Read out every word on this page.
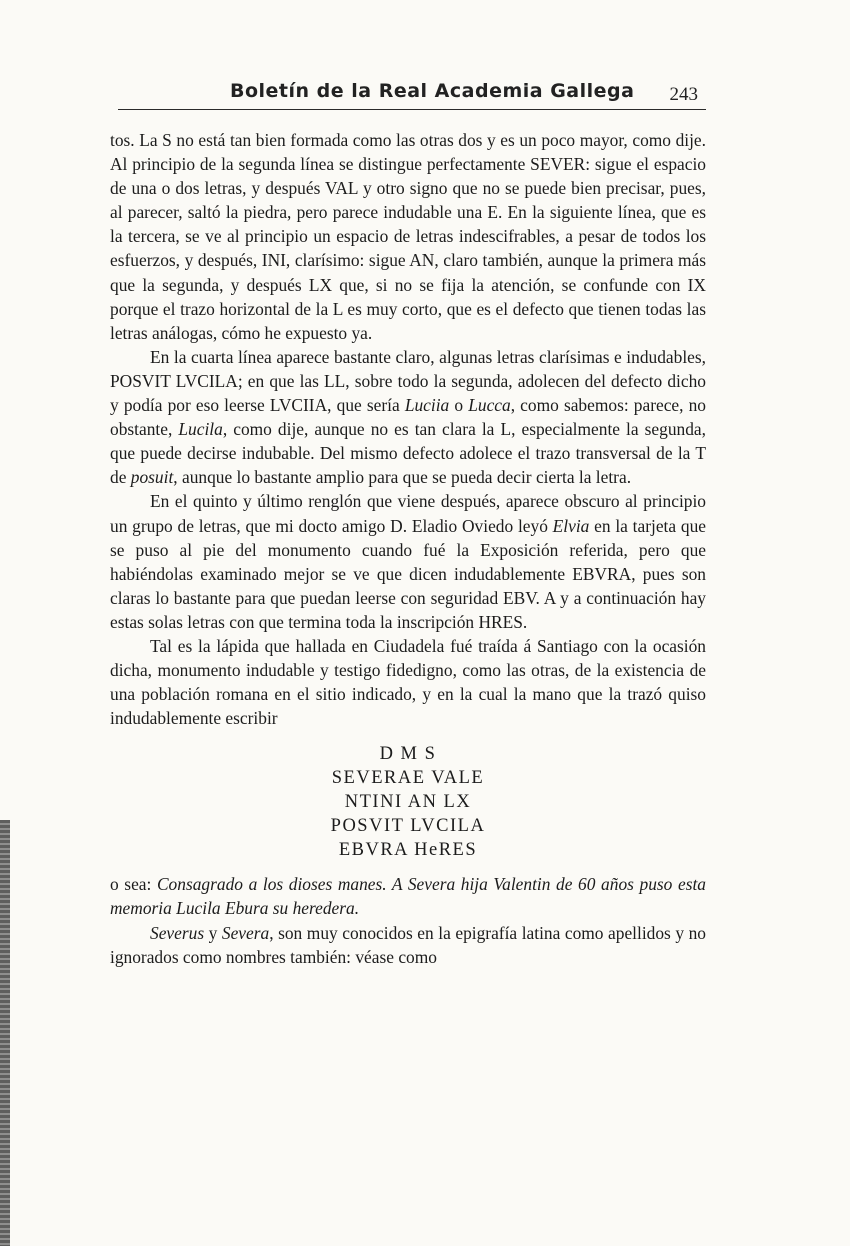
Boletín de la Real Academia Gallega 243

tos. La S no está tan bien formada como las otras dos y es un poco mayor, como dije. Al principio de la segunda línea se distingue perfectamente SEVER: sigue el espacio de una o dos letras, y después VAL y otro signo que no se puede bien precisar, pues, al parecer, saltó la piedra, pero parece indudable una E. En la siguiente línea, que es la tercera, se ve al principio un espacio de letras indescifrables, a pesar de todos los esfuerzos, y después, INI, clarísimo: sigue AN, claro también, aunque la primera más que la segunda, y después LX que, si no se fija la atención, se confunde con IX porque el trazo horizontal de la L es muy corto, que es el defecto que tienen todas las letras análogas, cómo he expuesto ya.

En la cuarta línea aparece bastante claro, algunas letras clarísimas e indudables, POSVIT LVCILA; en que las LL, sobre todo la segunda, adolecen del defecto dicho y podía por eso leerse LVCIIA, que sería Luciia o Lucca, como sabemos: parece, no obstante, Lucila, como dije, aunque no es tan clara la L, especialmente la segunda, que puede decirse indubable. Del mismo defecto adolece el trazo transversal de la T de posuit, aunque lo bastante amplio para que se pueda decir cierta la letra.

En el quinto y último renglón que viene después, aparece obscuro al principio un grupo de letras, que mi docto amigo D. Eladio Oviedo leyó Elvia en la tarjeta que se puso al pie del monumento cuando fué la Exposición referida, pero que habiéndolas examinado mejor se ve que dicen indudablemente EBVRA, pues son claras lo bastante para que puedan leerse con seguridad EBV. A y a continuación hay estas solas letras con que termina toda la inscripción HRES.

Tal es la lápida que hallada en Ciudadela fué traída á Santiago con la ocasión dicha, monumento indudable y testigo fidedigno, como las otras, de la existencia de una población romana en el sitio indicado, y en la cual la mano que la trazó quiso indudablemente escribir

D M S
SEVERAE VALE
NTINI AN LX
POSVIT LVCILA
EBVRA HeRES

o sea: Consagrado a los dioses manes. A Severa hija Valentin de 60 años puso esta memoria Lucila Ebura su heredera.

Severus y Severa, son muy conocidos en la epigrafía latina como apellidos y no ignorados como nombres también: véase como
